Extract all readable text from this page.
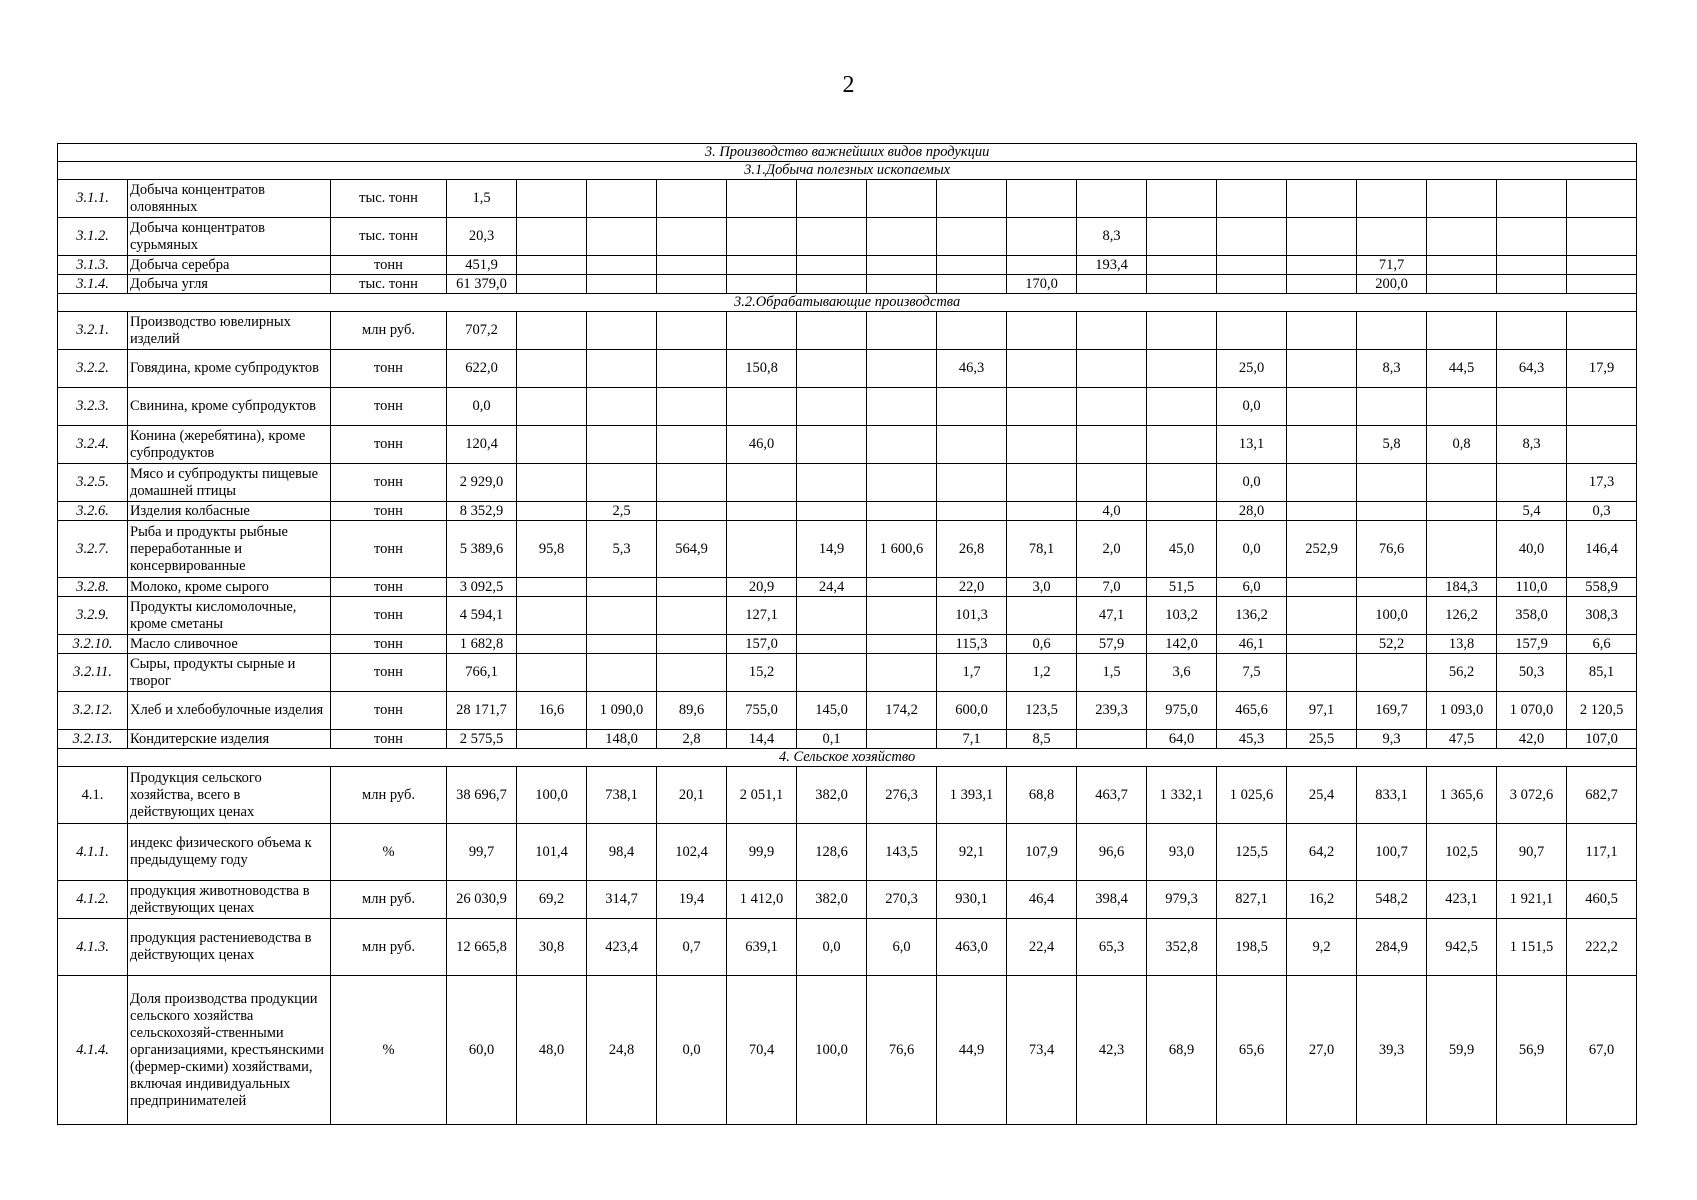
2
3. Производство важнейших видов продукции																			
3.1.Добыча полезных ископаемых																			
3.1.1.	Добыча концентратов оловянных	тыс. тонн	1,5																
3.1.2.	Добыча концентратов сурьмяных	тыс. тонн	20,3									8,3							
3.1.3.	Добыча серебра	тонн	451,9									193,4				71,7			
3.1.4.	Добыча угля	тыс. тонн	61 379,0								170,0					200,0			
3.2.Обрабатывающие производства																			
3.2.1.	Производство ювелирных изделий	млн руб.	707,2																
3.2.2.	Говядина, кроме субпродуктов	тонн	622,0				150,8			46,3				25,0		8,3	44,5	64,3	17,9
3.2.3.	Свинина, кроме субпродуктов	тонн	0,0											0,0					
3.2.4.	Конина (жеребятина), кроме субпродуктов	тонн	120,4				46,0							13,1		5,8	0,8	8,3	
3.2.5.	Мясо и субпродукты пищевые домашней птицы	тонн	2 929,0											0,0					17,3
3.2.6.	Изделия колбасные	тонн	8 352,9		2,5							4,0		28,0				5,4	0,3
3.2.7.	Рыба и продукты рыбные переработанные и консервированные	тонн	5 389,6	95,8	5,3	564,9		14,9	1 600,6	26,8	78,1	2,0	45,0	0,0	252,9	76,6		40,0	146,4
3.2.8.	Молоко, кроме сырого	тонн	3 092,5				20,9	24,4		22,0	3,0	7,0	51,5	6,0			184,3	110,0	558,9
3.2.9.	Продукты кисломолочные, кроме сметаны	тонн	4 594,1				127,1			101,3		47,1	103,2	136,2		100,0	126,2	358,0	308,3
3.2.10.	Масло сливочное	тонн	1 682,8				157,0			115,3	0,6	57,9	142,0	46,1		52,2	13,8	157,9	6,6
3.2.11.	Сыры, продукты сырные и творог	тонн	766,1				15,2			1,7	1,2	1,5	3,6	7,5			56,2	50,3	85,1
3.2.12.	Хлеб и хлебобулочные изделия	тонн	28 171,7	16,6	1 090,0	89,6	755,0	145,0	174,2	600,0	123,5	239,3	975,0	465,6	97,1	169,7	1 093,0	1 070,0	2 120,5
3.2.13.	Кондитерские изделия	тонн	2 575,5		148,0	2,8	14,4	0,1		7,1	8,5		64,0	45,3	25,5	9,3	47,5	42,0	107,0
4. Сельское хозяйство																			
4.1.	Продукция сельского хозяйства, всего в действующих ценах	млн руб.	38 696,7	100,0	738,1	20,1	2 051,1	382,0	276,3	1 393,1	68,8	463,7	1 332,1	1 025,6	25,4	833,1	1 365,6	3 072,6	682,7
4.1.1.	индекс физического объема к предыдущему году	%	99,7	101,4	98,4	102,4	99,9	128,6	143,5	92,1	107,9	96,6	93,0	125,5	64,2	100,7	102,5	90,7	117,1
4.1.2.	продукция животноводства в действующих ценах	млн руб.	26 030,9	69,2	314,7	19,4	1 412,0	382,0	270,3	930,1	46,4	398,4	979,3	827,1	16,2	548,2	423,1	1 921,1	460,5
4.1.3.	продукция растениеводства в действующих ценах	млн руб.	12 665,8	30,8	423,4	0,7	639,1	0,0	6,0	463,0	22,4	65,3	352,8	198,5	9,2	284,9	942,5	1 151,5	222,2
4.1.4.	Доля производства продукции сельского хозяйства сельскохозяй-ственными организациями, крестьянскими (фермер-скими) хозяйствами, включая индивидуальных предпринимателей	%	60,0	48,0	24,8	0,0	70,4	100,0	76,6	44,9	73,4	42,3	68,9	65,6	27,0	39,3	59,9	56,9	67,0
